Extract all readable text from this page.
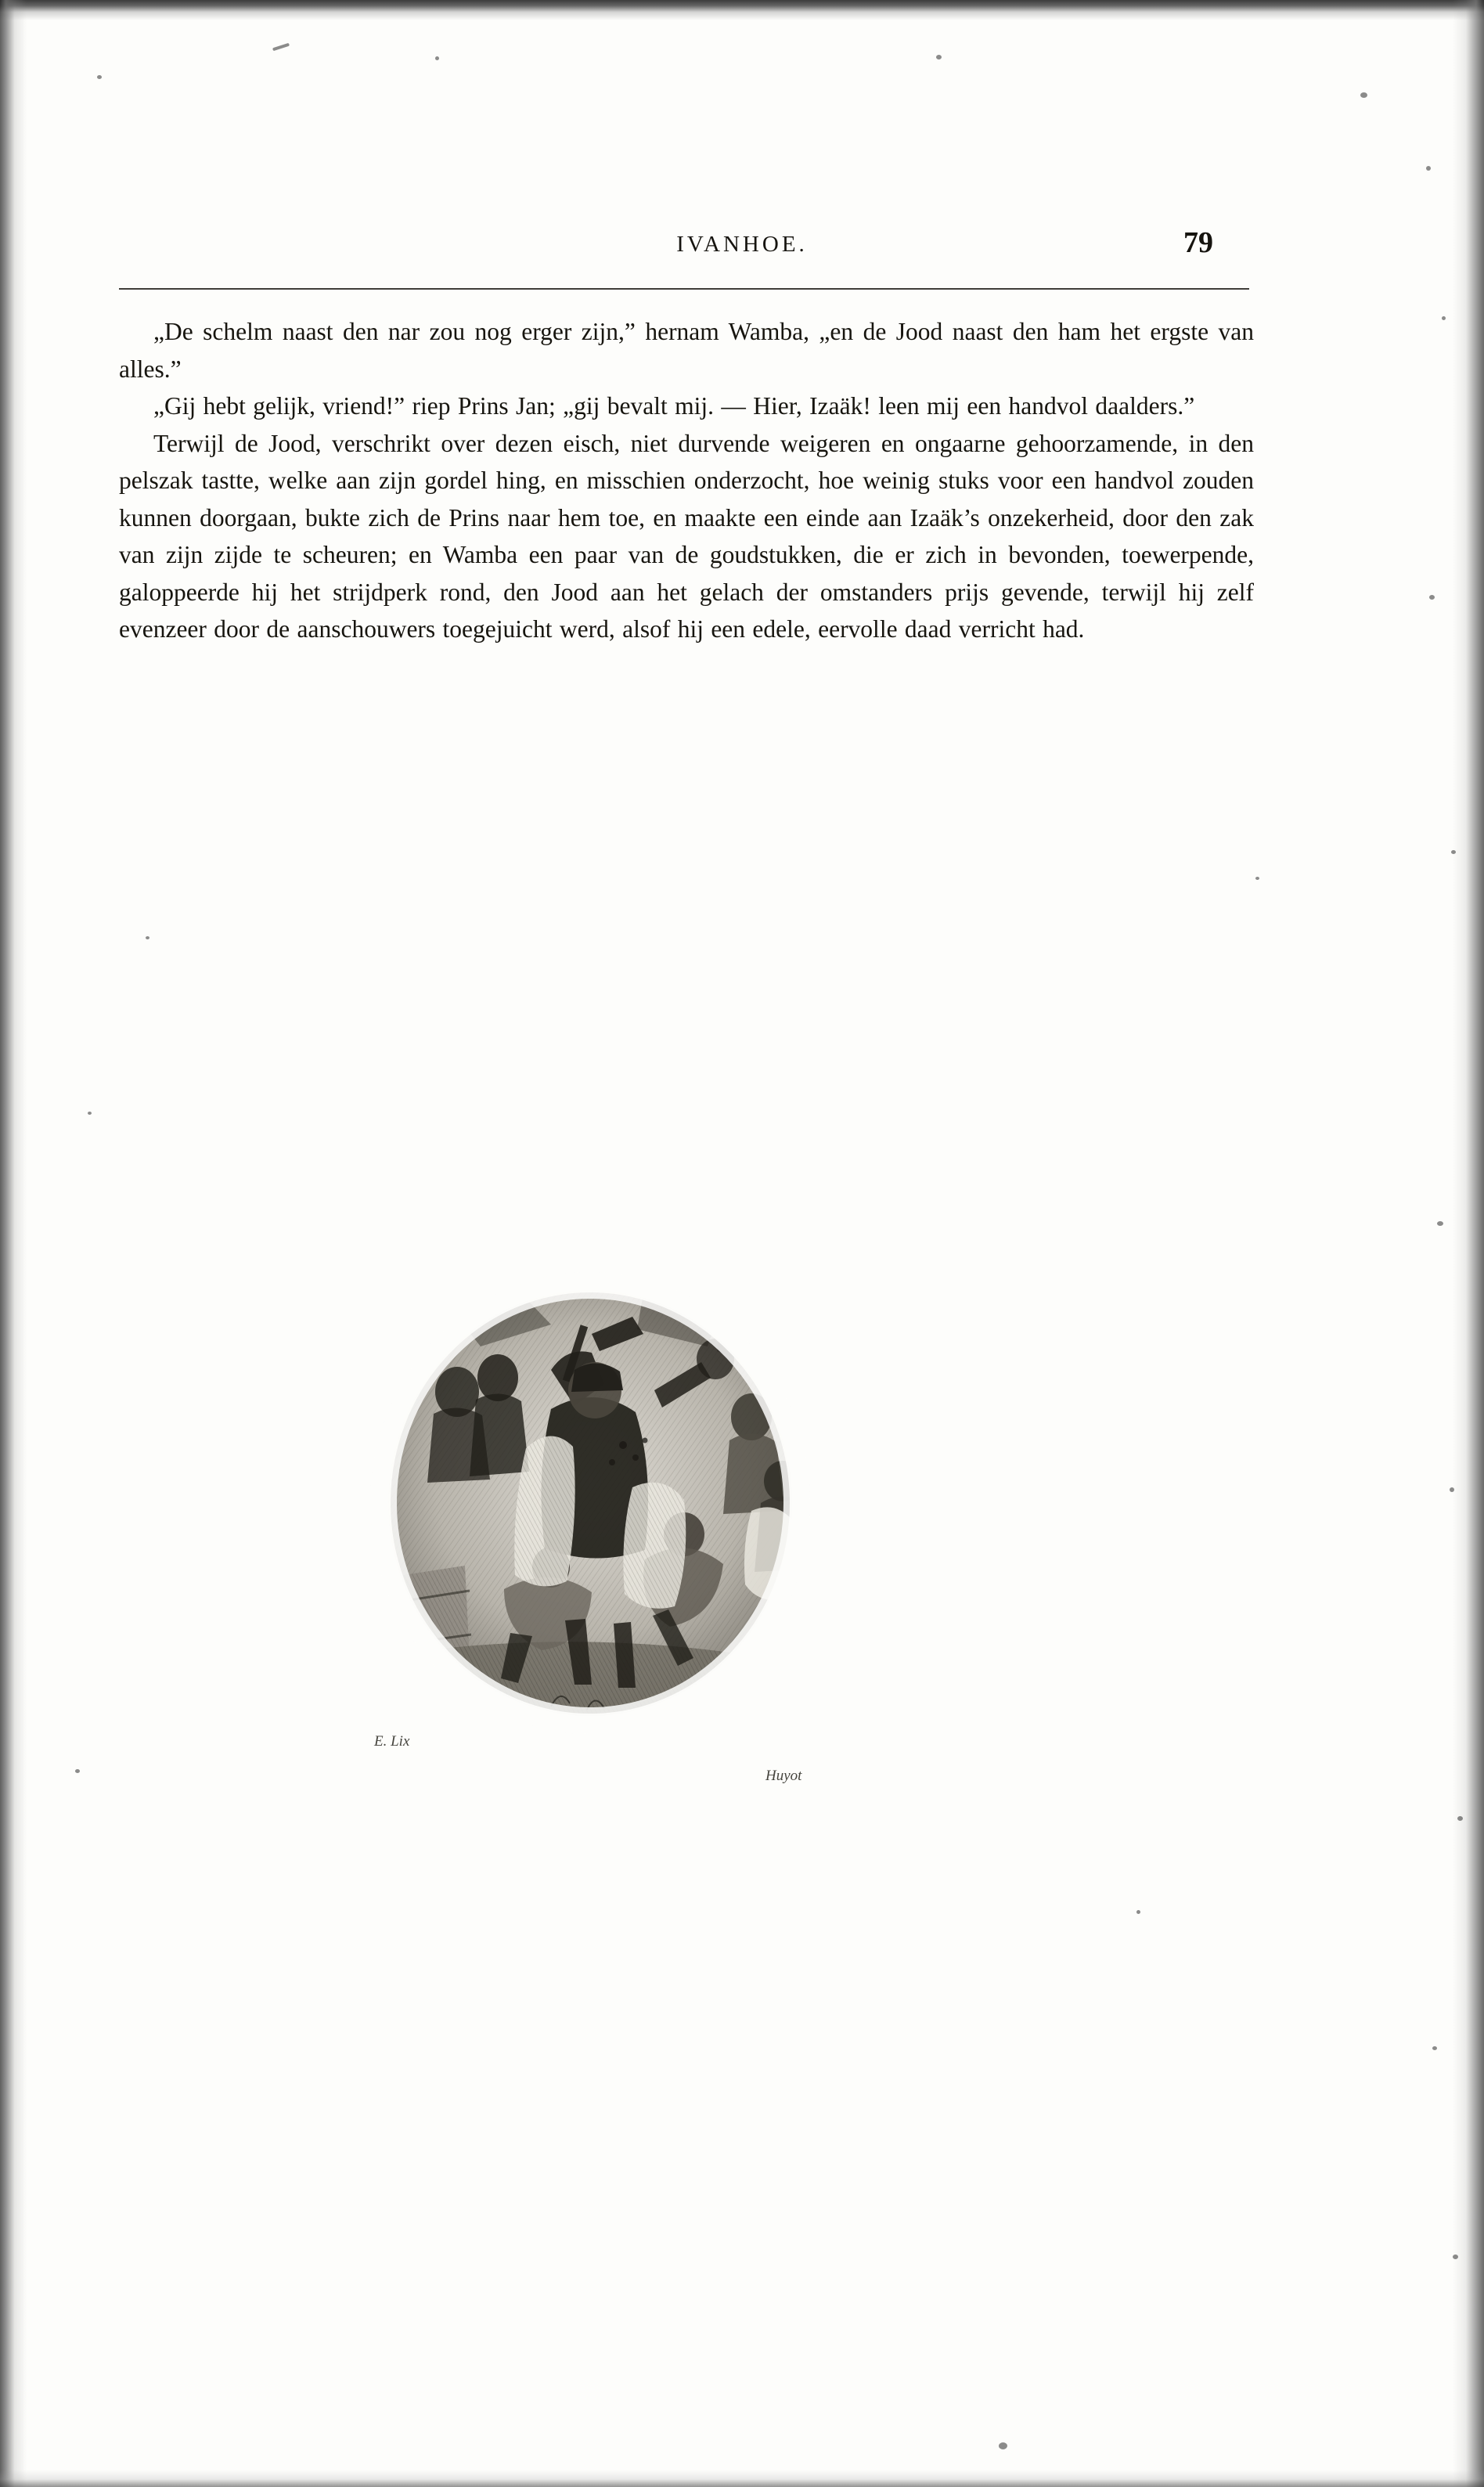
IVANHOE.	79

„De schelm naast den nar zou nog erger zijn,” hernam Wamba, „en de Jood naast den ham het ergste van alles.”

„Gij hebt gelijk, vriend!” riep Prins Jan; „gij bevalt mij. — Hier, Izaäk! leen mij een handvol daalders.”

Terwijl de Jood, verschrikt over dezen eisch, niet durvende weigeren en ongaarne gehoorzamende, in den pelszak tastte, welke aan zijn gordel hing, en misschien onderzocht, hoe weinig stuks voor een handvol zouden kunnen doorgaan, bukte zich de Prins naar hem toe, en maakte een einde aan Izaäk’s onzekerheid, door den zak van zijn zijde te scheuren; en Wamba een paar van de goudstukken, die er zich in bevonden, toewerpende, galoppeerde hij het strijdperk rond, den Jood aan het gelach der omstanders prijs gevende, terwijl hij zelf evenzeer door de aanschouwers toegejuicht werd, alsof hij een edele, eervolle daad verricht had.

E. Lix
Huyot
